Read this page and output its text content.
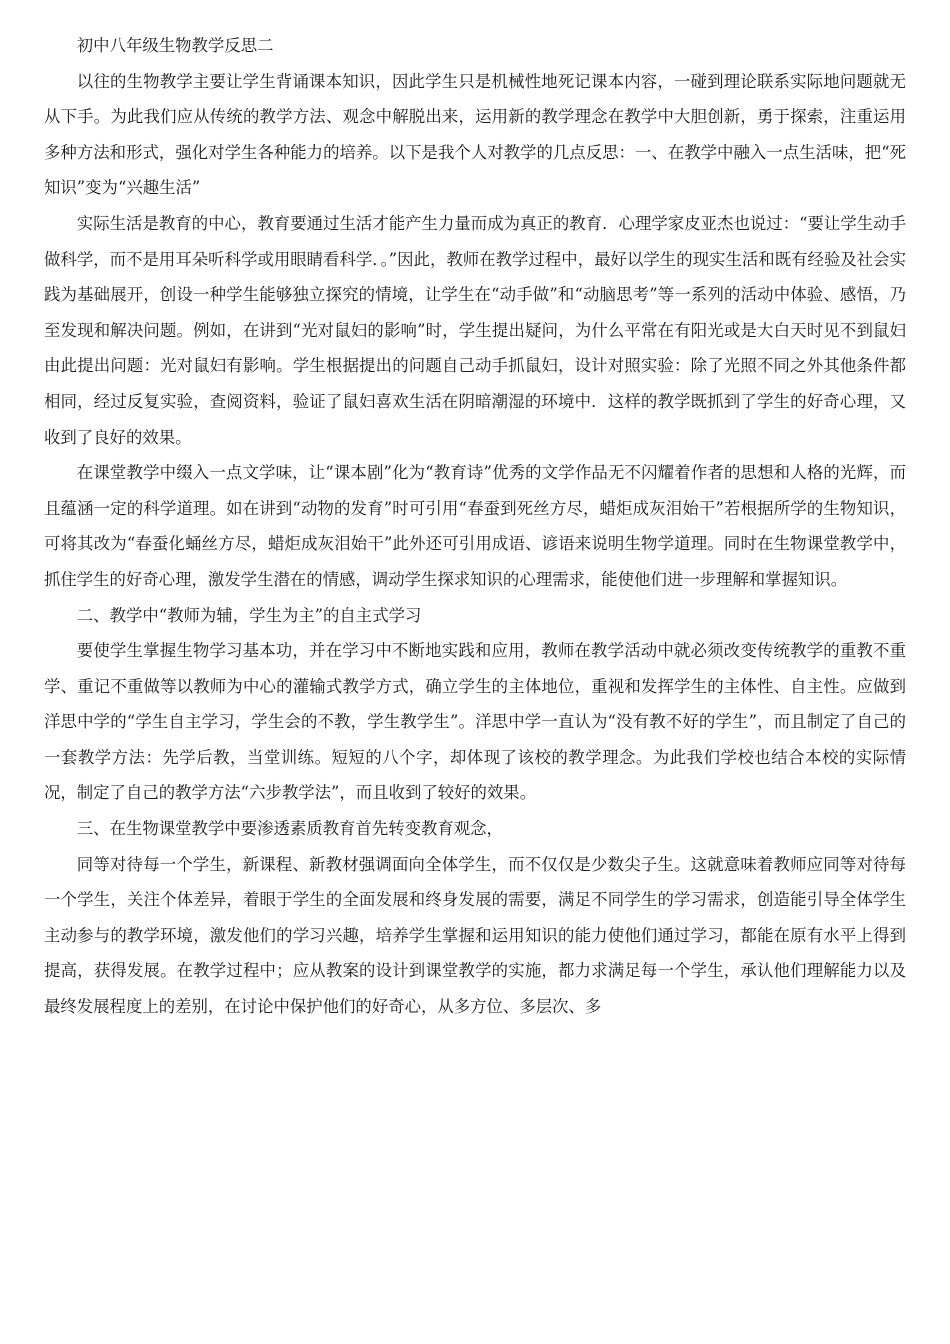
初中八年级生物教学反思二

以往的生物教学主要让学生背诵课本知识，因此学生只是机械性地死记课本内容，一碰到理论联系实际地问题就无从下手。为此我们应从传统的教学方法、观念中解脱出来，运用新的教学理念在教学中大胆创新，勇于探索，注重运用多种方法和形式，强化对学生各种能力的培养。以下是我个人对教学的几点反思：一、在教学中融入一点生活味，把“死知识”变为“兴趣生活”

实际生活是教育的中心，教育要通过生活才能产生力量而成为真正的教育．心理学家皮亚杰也说过：“要让学生动手做科学，而不是用耳朵听科学或用眼睛看科学．。”因此，教师在教学过程中，最好以学生的现实生活和既有经验及社会实践为基础展开，创设一种学生能够独立探究的情境，让学生在“动手做”和“动脑思考”等一系列的活动中体验、感悟，乃至发现和解决问题。例如，在讲到“光对鼠妇的影响”时，学生提出疑问，为什么平常在有阳光或是大白天时见不到鼠妇 由此提出问题：光对鼠妇有影响。学生根据提出的问题自己动手抓鼠妇，设计对照实验：除了光照不同之外其他条件都相同，经过反复实验，查阅资料，验证了鼠妇喜欢生活在阴暗潮湿的环境中．这样的教学既抓到了学生的好奇心理，又收到了良好的效果。

在课堂教学中缀入一点文学味，让“课本剧”化为“教育诗”优秀的文学作品无不闪耀着作者的思想和人格的光辉，而且蕴涵一定的科学道理。如在讲到“动物的发育”时可引用“春蚕到死丝方尽，蜡炬成灰泪始干”若根据所学的生物知识，可将其改为“春蚕化蛹丝方尽，蜡炬成灰泪始干”此外还可引用成语、谚语来说明生物学道理。同时在生物课堂教学中，抓住学生的好奇心理，激发学生潜在的情感，调动学生探求知识的心理需求，能使他们进一步理解和掌握知识。

二、教学中“教师为辅，学生为主”的自主式学习

要使学生掌握生物学习基本功，并在学习中不断地实践和应用，教师在教学活动中就必须改变传统教学的重教不重学、重记不重做等以教师为中心的灌输式教学方式，确立学生的主体地位，重视和发挥学生的主体性、自主性。应做到洋思中学的“学生自主学习，学生会的不教，学生教学生”。洋思中学一直认为“没有教不好的学生”，而且制定了自己的一套教学方法：先学后教，当堂训练。短短的八个字，却体现了该校的教学理念。为此我们学校也结合本校的实际情况，制定了自己的教学方法“六步教学法”，而且收到了较好的效果。

三、在生物课堂教学中要渗透素质教育首先转变教育观念，

同等对待每一个学生，新课程、新教材强调面向全体学生，而不仅仅是少数尖子生。这就意味着教师应同等对待每一个学生，关注个体差异，着眼于学生的全面发展和终身发展的需要，满足不同学生的学习需求，创造能引导全体学生主动参与的教学环境，激发他们的学习兴趣，培养学生掌握和运用知识的能力使他们通过学习，都能在原有水平上得到提高，获得发展。在教学过程中；应从教案的设计到课堂教学的实施，都力求满足每一个学生，承认他们理解能力以及最终发展程度上的差别，在讨论中保护他们的好奇心，从多方位、多层次、多
